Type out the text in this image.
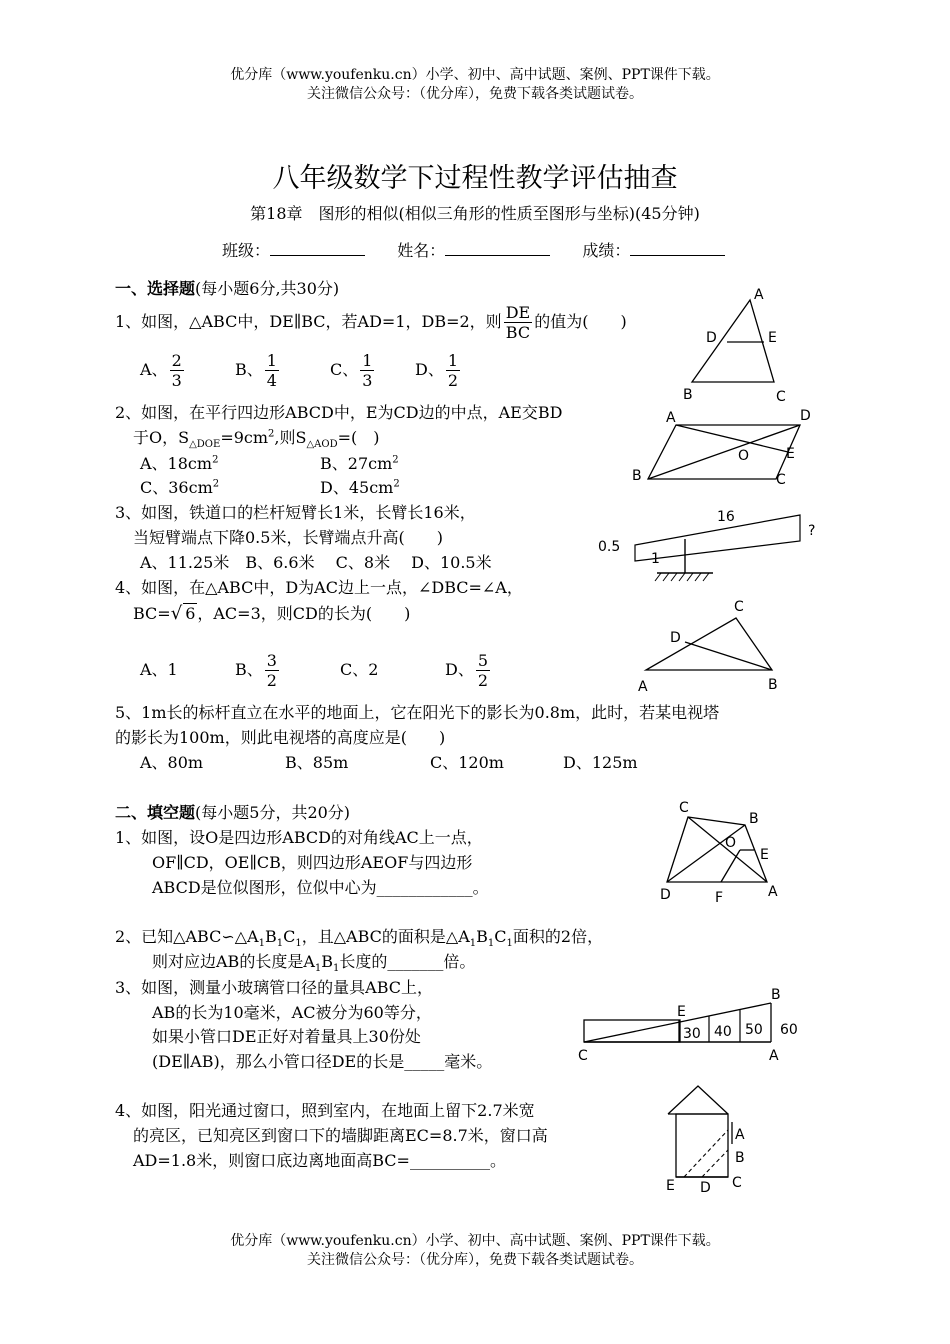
优分库（www.youfenku.cn）小学、初中、高中试题、案例、PPT课件下载。
关注微信公众号：（优分库），免费下载各类试题试卷。
八年级数学下过程性教学评估抽查
第18章　图形的相似(相似三角形的性质至图形与坐标)(45分钟)
班级：	姓名：	成绩：
一、选择题(每小题6分,共30分)
1、如图，△ABC中，DE∥BC，若AD=1，DB=2，则 $\frac{DE}{BC}$ 的值为(　　)
A、 $\frac{2}{3}$	B、 $\frac{1}{4}$	C、 $\frac{1}{3}$	D、 $\frac{1}{2}$
2、如图，在平行四边形ABCD中，E为CD边的中点，AE交BD
于O，$S_{\triangle DOE}=9cm^2$,则$S_{\triangle AOD}=$(　)
A、$18cm^2$	B、$27cm^2$
C、$36cm^2$	D、$45cm^2$
3、如图，铁道口的栏杆短臂长1米，长臂长16米，
当短臂端点下降0.5米，长臂端点升高(　　)
A、11.25米　B、6.6米　 C、8米　 D、10.5米
4、如图，在△ABC中，D为AC边上一点，∠DBC=∠A，
BC=√ 6 ，AC=3，则CD的长为(　　)
A、1	B、 $\frac{3}{2}$	C、2	D、 $\frac{5}{2}$
5、1m长的标杆直立在水平的地面上，它在阳光下的影长为0.8m，此时，若某电视塔
的影长为100m，则此电视塔的高度应是(　　)
A、80m	B、85m	C、120m	D、125m
二、填空题(每小题5分，共20分)
1、如图，设O是四边形ABCD的对角线AC上一点，
OF∥CD，OE∥CB，则四边形AEOF与四边形
ABCD是位似图形，位似中心为____________。
2、已知$\triangle ABC∽\triangle A_1B_1C_1$，且△ABC的面积是$\triangle A_1B_1C_1$面积的2倍，
则对应边AB的长度是$A_1B_1$长度的_______倍。
3、如图，测量小玻璃管口径的量具ABC上，
AB的长为10毫米，AC被分为60等分，
如果小管口DE正好对着量具上30份处
(DE∥AB)，那么小管口径DE的长是_____毫米。
4、如图，阳光通过窗口，照到室内，在地面上留下2.7米宽
的亮区，已知亮区到窗口下的墙脚距离EC=8.7米，窗口高
AD=1.8米，则窗口底边离地面高BC=__________。
A
D	E
B	C
A	D
E
O
B	C
16
1
0.5
?
C
D
A	B
C
B
O
E
D	F	A
E
B
C	A
30 40 50 60
A
B
C
E D
优分库（www.youfenku.cn）小学、初中、高中试题、案例、PPT课件下载。
关注微信公众号：（优分库），免费下载各类试题试卷。
